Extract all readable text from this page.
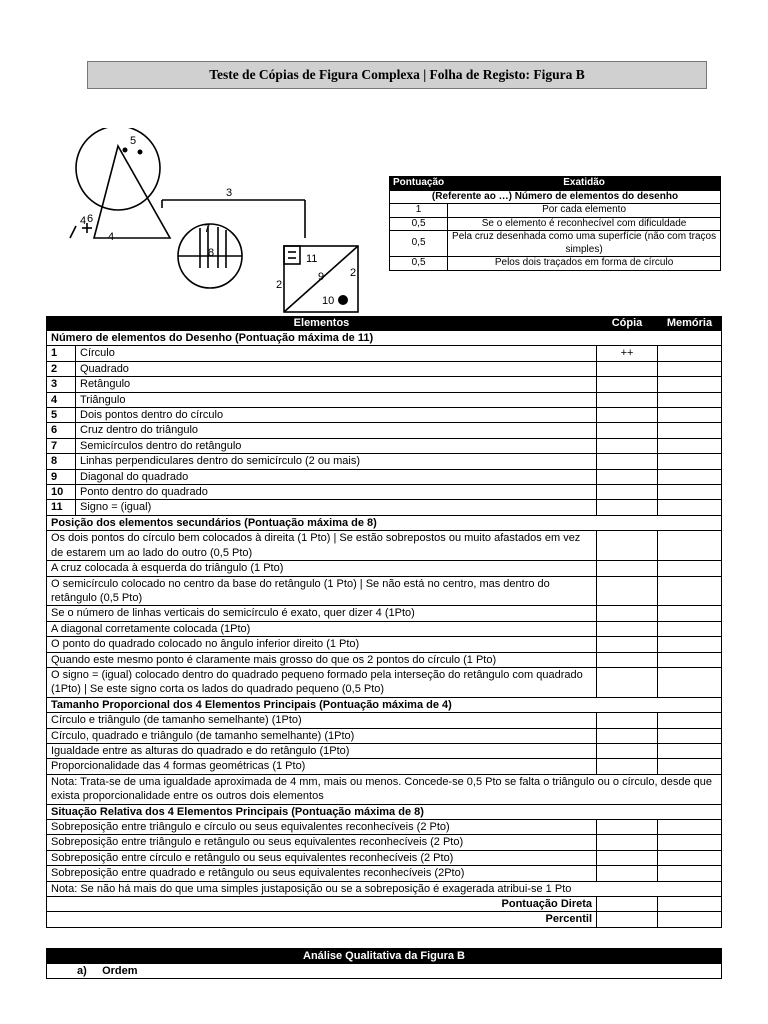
Teste de Cópias de Figura Complexa | Folha de Registo: Figura B
5
6
4
4
3
7
8	11
9
10
2
2
Pontuação	Exatidão
(Referente ao …) Número de elementos do desenho	
1	Por cada elemento
0,5	Se o elemento é reconhecível com dificuldade
0,5	Pela cruz desenhada como uma superfície (não com traços simples)
0,5	Pelos dois traçados em forma de círculo
Elementos		Cópia	Memória
Número de elementos do Desenho (Pontuação máxima de 11)			
1	Círculo	++	
2	Quadrado		
3	Retângulo		
4	Triângulo		
5	Dois pontos dentro do círculo		
6	Cruz dentro do triângulo		
7	Semicírculos dentro do retângulo		
8	Linhas perpendiculares dentro do semicírculo (2 ou mais)		
9	Diagonal do quadrado		
10	Ponto dentro do quadrado		
11	Signo = (igual)		
Posição dos elementos secundários (Pontuação máxima de 8)			
Os dois pontos do círculo bem colocados à direita (1 Pto) | Se estão sobrepostos ou muito afastados em vez de estarem um ao lado do outro (0,5 Pto)			
A cruz colocada à esquerda do triângulo (1 Pto)			
O semicírculo colocado no centro da base do retângulo (1 Pto) | Se não está no centro, mas dentro do retângulo (0,5 Pto)			
Se o número de linhas verticais do semicírculo é exato, quer dizer 4 (1Pto)			
A diagonal corretamente colocada (1Pto)			
O ponto do quadrado colocado no ângulo inferior direito (1 Pto)			
Quando este mesmo ponto é claramente mais grosso do que os 2 pontos do círculo (1 Pto)			
O signo = (igual) colocado dentro do quadrado pequeno formado pela interseção do retângulo com quadrado (1Pto) | Se este signo corta os lados do quadrado pequeno (0,5 Pto)			
Tamanho Proporcional dos 4 Elementos Principais (Pontuação máxima de 4)			
Círculo e triângulo (de tamanho semelhante) (1Pto)			
Círculo, quadrado e triângulo (de tamanho semelhante) (1Pto)			
Igualdade entre as alturas do quadrado e do retângulo (1Pto)			
Proporcionalidade das 4 formas geométricas (1 Pto)			
Nota: Trata-se de uma igualdade aproximada de 4 mm, mais ou menos. Concede-se 0,5 Pto se falta o triângulo ou o círculo, desde que exista proporcionalidade entre os outros dois elementos			
Situação Relativa dos 4 Elementos Principais (Pontuação máxima de 8)			
Sobreposição entre triângulo e círculo ou seus equivalentes reconhecíveis (2 Pto)			
Sobreposição entre triângulo e retângulo ou seus equivalentes reconhecíveis (2 Pto)			
Sobreposição entre círculo e retângulo ou seus equivalentes reconhecíveis (2 Pto)			
Sobreposição entre quadrado e retângulo ou seus equivalentes reconhecíveis (2Pto)			
Nota: Se não há mais do que uma simples justaposição ou se a sobreposição é exagerada atribui-se 1 Pto			
Pontuação Direta			
Percentil			
Análise Qualitativa da Figura B
a) Ordem
